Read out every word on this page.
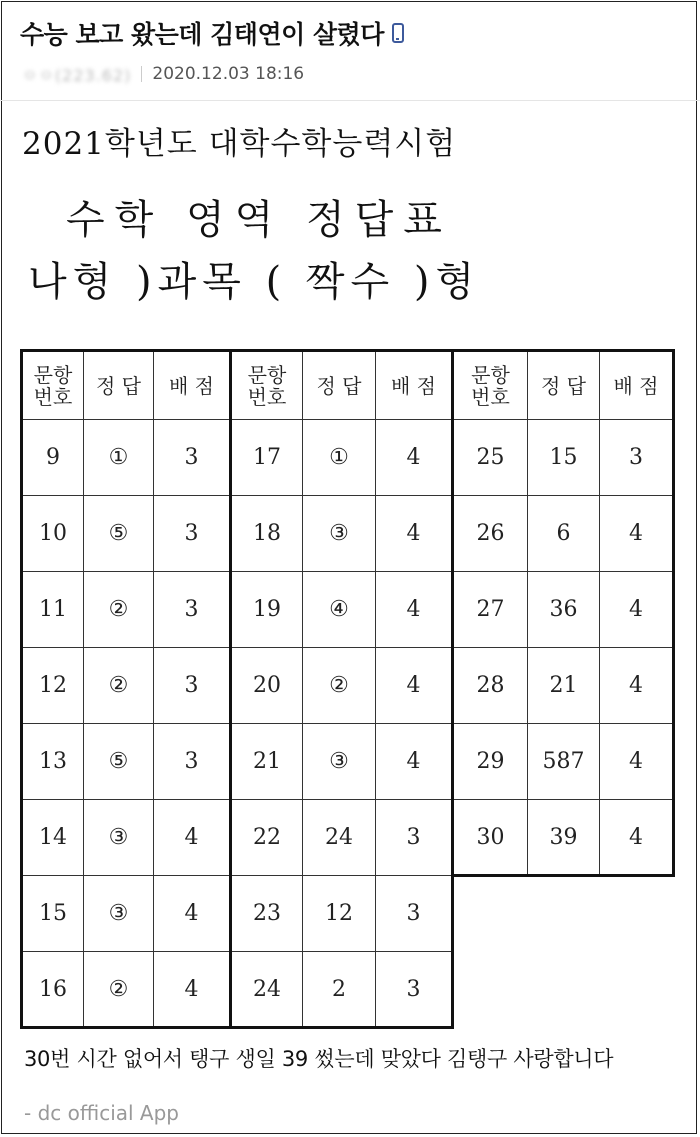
수능 보고 왔는데 김태연이 살렸다
ㅇㅇ(223.62) 2020.12.03 18:16
2021학년도 대학수학능력시험
수학 영역 정답표
나형 )과목 ( 짝수 )형
문항
번호	정 답	배 점
9	①	3
10	⑤	3
11	②	3
12	②	3
13	⑤	3
14	③	4
15	③	4
16	②	4
문항
번호	정 답	배 점
17	①	4
18	③	4
19	④	4
20	②	4
21	③	4
22	24	3
23	12	3
24	2	3
문항
번호	정 답	배 점
25	15	3
26	6	4
27	36	4
28	21	4
29	587	4
30	39	4
30번 시간 없어서 탱구 생일 39 썼는데 맞았다 김탱구 사랑합니다
- dc official App
